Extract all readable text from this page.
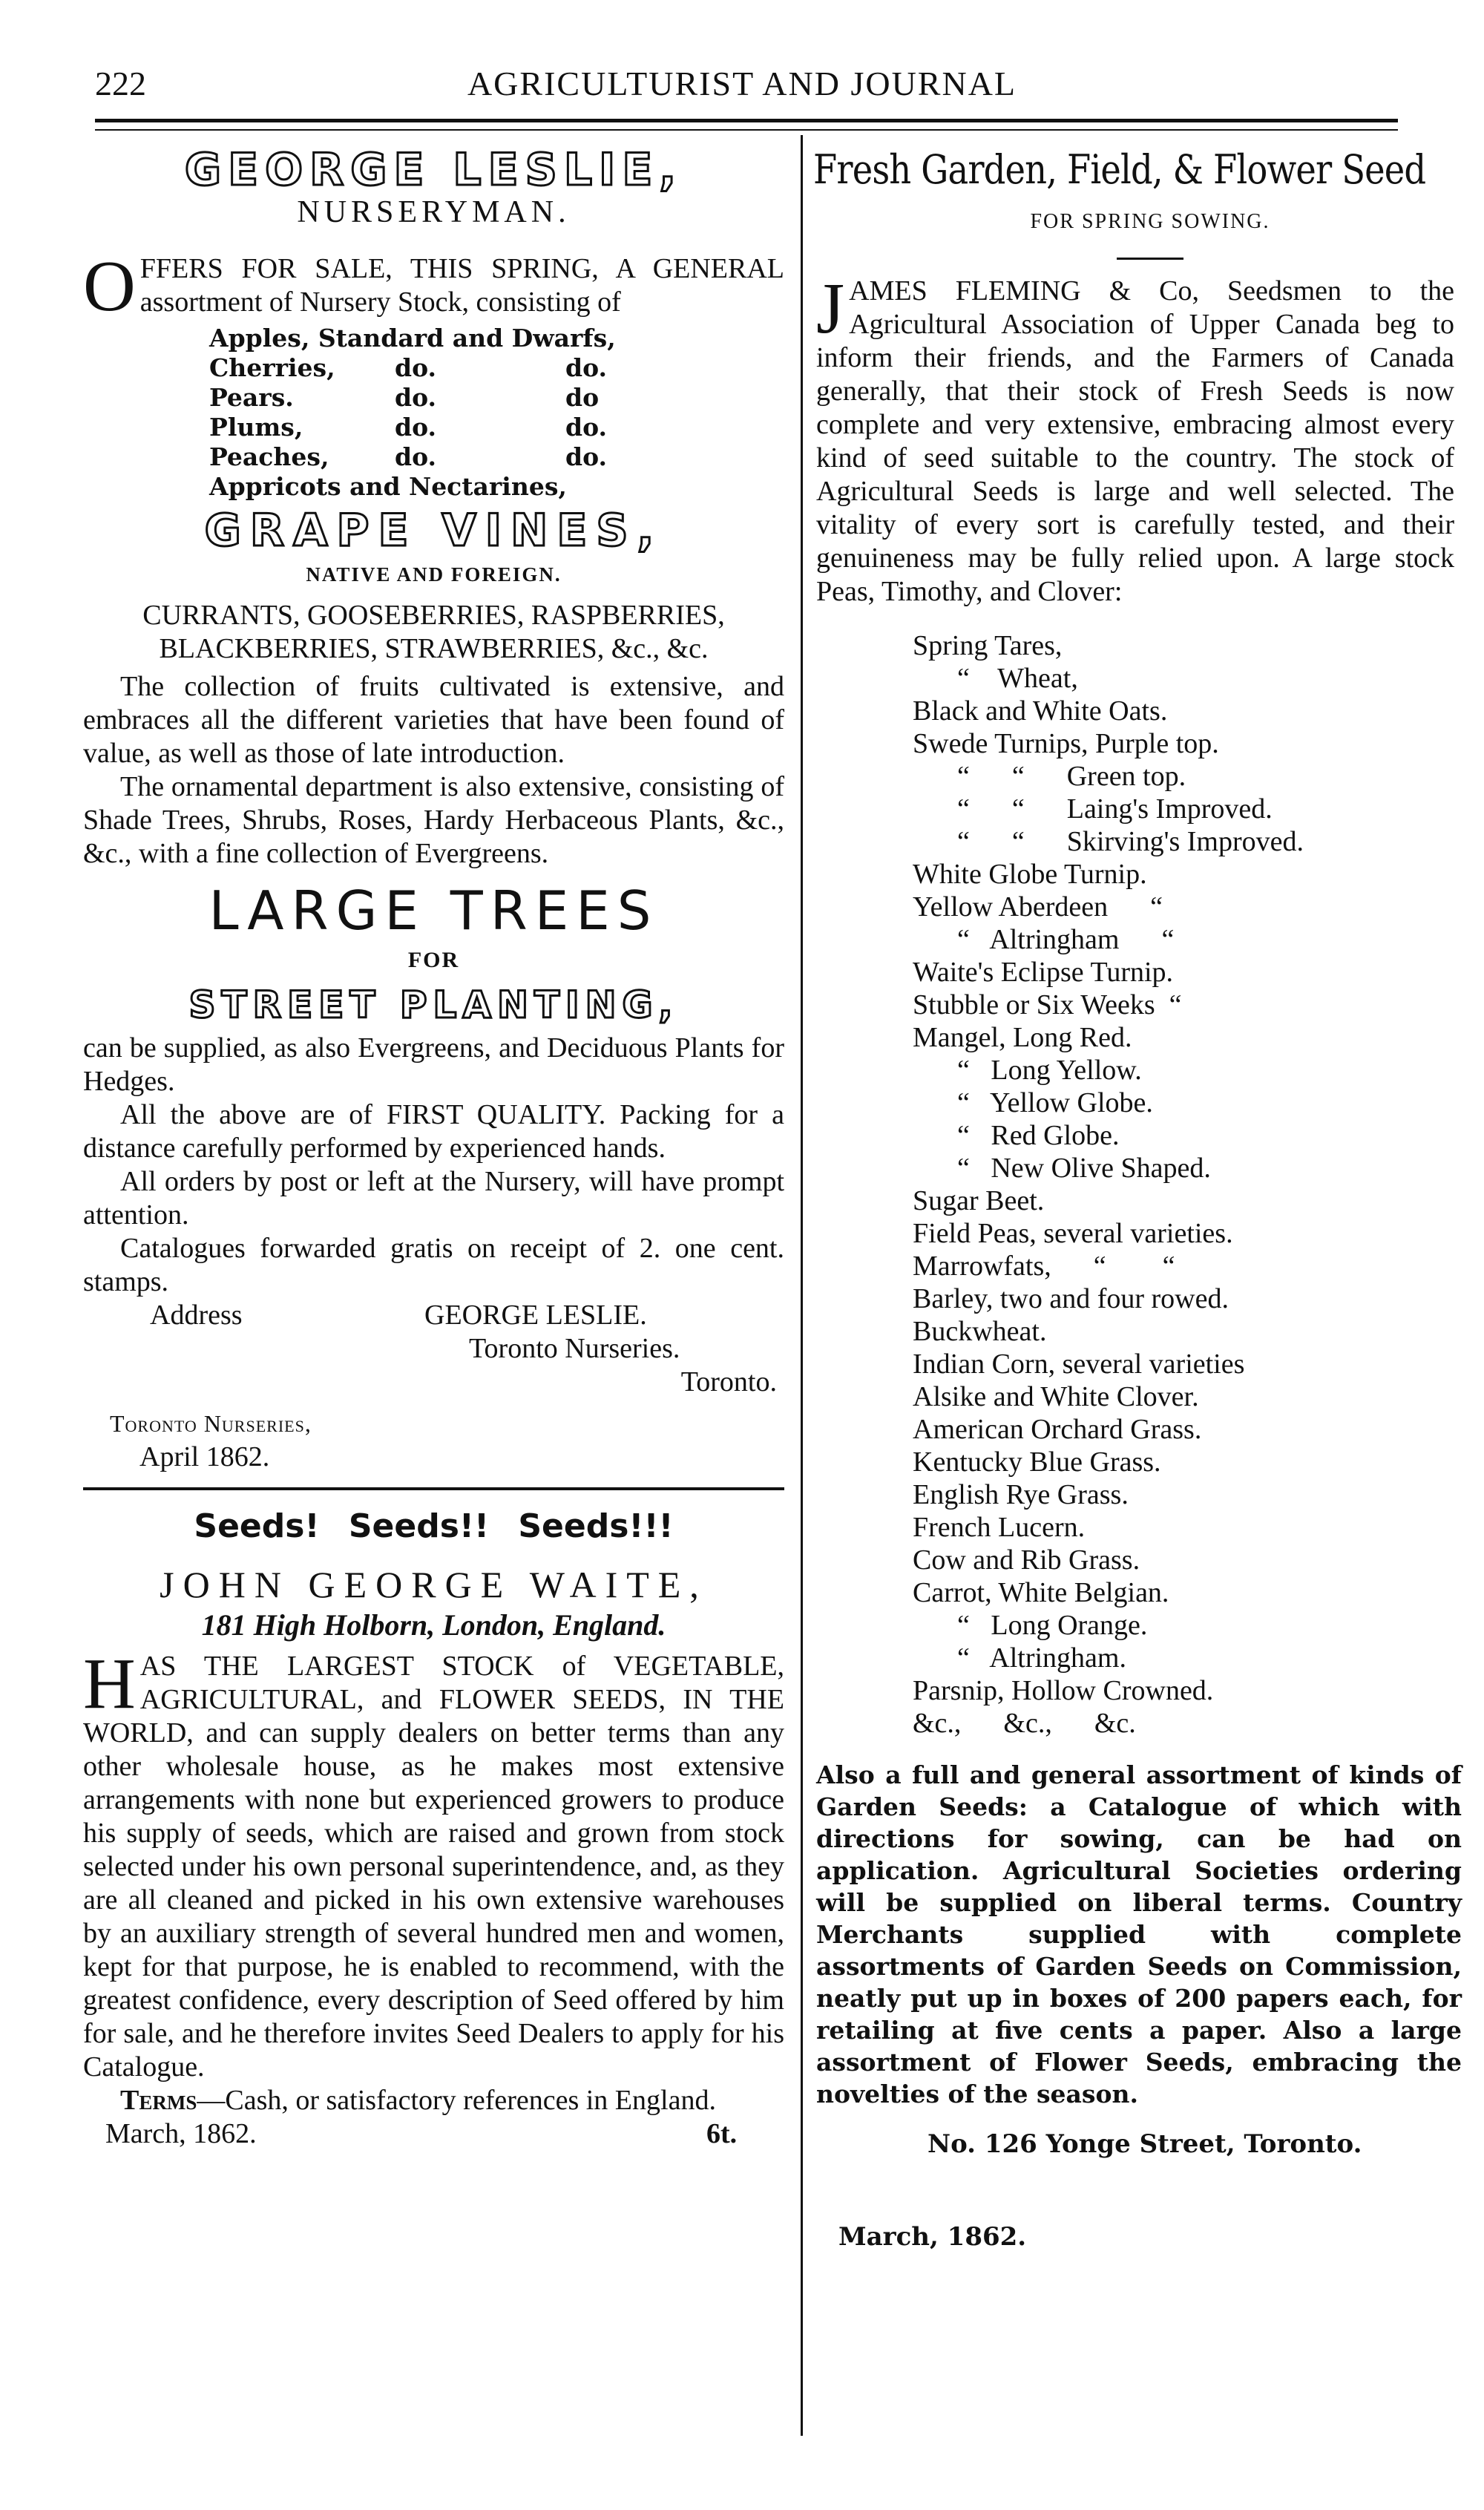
222	AGRICULTURIST AND JOURNAL
GEORGE LESLIE,
NURSERYMAN.
O FFERS FOR SALE, THIS SPRING, A GENERAL assortment of Nursery Stock, consisting of
Apples, Standard and Dwarfs,
Cherries,	do.	do.
Pears.	do.	do
Plums,	do.	do.
Peaches,	do.	do.
Appricots and Nectarines,
GRAPE VINES,
NATIVE AND FOREIGN.
CURRANTS, GOOSEBERRIES, RASPBERRIES, BLACKBERRIES, STRAWBERRIES, &c., &c.

The collection of fruits cultivated is extensive, and embraces all the different varieties that have been found of value, as well as those of late introduction.

The ornamental department is also extensive, consisting of Shade Trees, Shrubs, Roses, Hardy Herbaceous Plants, &c., &c., with a fine collection of Evergreens.

LARGE TREES
FOR
STREET PLANTING,

can be supplied, as also Evergreens, and Deciduous Plants for Hedges.

All the above are of FIRST QUALITY. Packing for a distance carefully performed by experienced hands.

All orders by post or left at the Nursery, will have prompt attention.

Catalogues forwarded gratis on receipt of 2. one cent. stamps.

Address	GEORGE LESLIE.
Toronto Nurseries.
Toronto.
Toronto Nurseries,
April 1862.
Seeds! Seeds!! Seeds!!!
JOHN GEORGE WAITE,
181 High Holborn, London, England.
H AS THE LARGEST STOCK of VEGETABLE, AGRICULTURAL, and FLOWER SEEDS, IN THE WORLD, and can supply dealers on better terms than any other wholesale house, as he makes most extensive arrangements with none but experienced growers to produce his supply of seeds, which are raised and grown from stock selected under his own personal superintendence, and, as they are all cleaned and picked in his own extensive warehouses by an auxiliary strength of several hundred men and women, kept for that purpose, he is enabled to recommend, with the greatest confidence, every description of Seed offered by him for sale, and he therefore invites Seed Dealers to apply for his Catalogue.

Terms—Cash, or satisfactory references in England.

March, 1862.	6t.
Fresh Garden, Field, & Flower Seed
FOR SPRING SOWING.
J AMES FLEMING & Co, Seedsmen to the Agricultural Association of Upper Canada beg to inform their friends, and the Farmers of Canada generally, that their stock of Fresh Seeds is now complete and very extensive, embracing almost every kind of seed suitable to the country. The stock of Agricultural Seeds is large and well selected. The vitality of every sort is carefully tested, and their genuineness may be fully relied upon. A large stock Peas, Timothy, and Clover:
Spring Tares,
“    Wheat,
Black and White Oats.
Swede Turnips, Purple top.
“      “      Green top.
“      “      Laing's Improved.
“      “      Skirving's Improved.
White Globe Turnip.
Yellow Aberdeen      “
“   Altringham      “
Waite's Eclipse Turnip.
Stubble or Six Weeks  “
Mangel, Long Red.
“   Long Yellow.
“   Yellow Globe.
“   Red Globe.
“   New Olive Shaped.
Sugar Beet.
Field Peas, several varieties.
Marrowfats,      “        “
Barley, two and four rowed.
Buckwheat.
Indian Corn, several varieties
Alsike and White Clover.
American Orchard Grass.
Kentucky Blue Grass.
English Rye Grass.
French Lucern.
Cow and Rib Grass.
Carrot, White Belgian.
“   Long Orange.
“   Altringham.
Parsnip, Hollow Crowned.
&c.,      &c.,      &c.

Also a full and general assortment of kinds of Garden Seeds: a Catalogue of which with directions for sowing, can be had on application. Agricultural Societies ordering will be supplied on liberal terms. Country Merchants supplied with complete assortments of Garden Seeds on Commission, neatly put up in boxes of 200 papers each, for retailing at five cents a paper. Also a large assortment of Flower Seeds, embracing the novelties of the season.

No. 126 Yonge Street, Toronto.
March, 1862.
